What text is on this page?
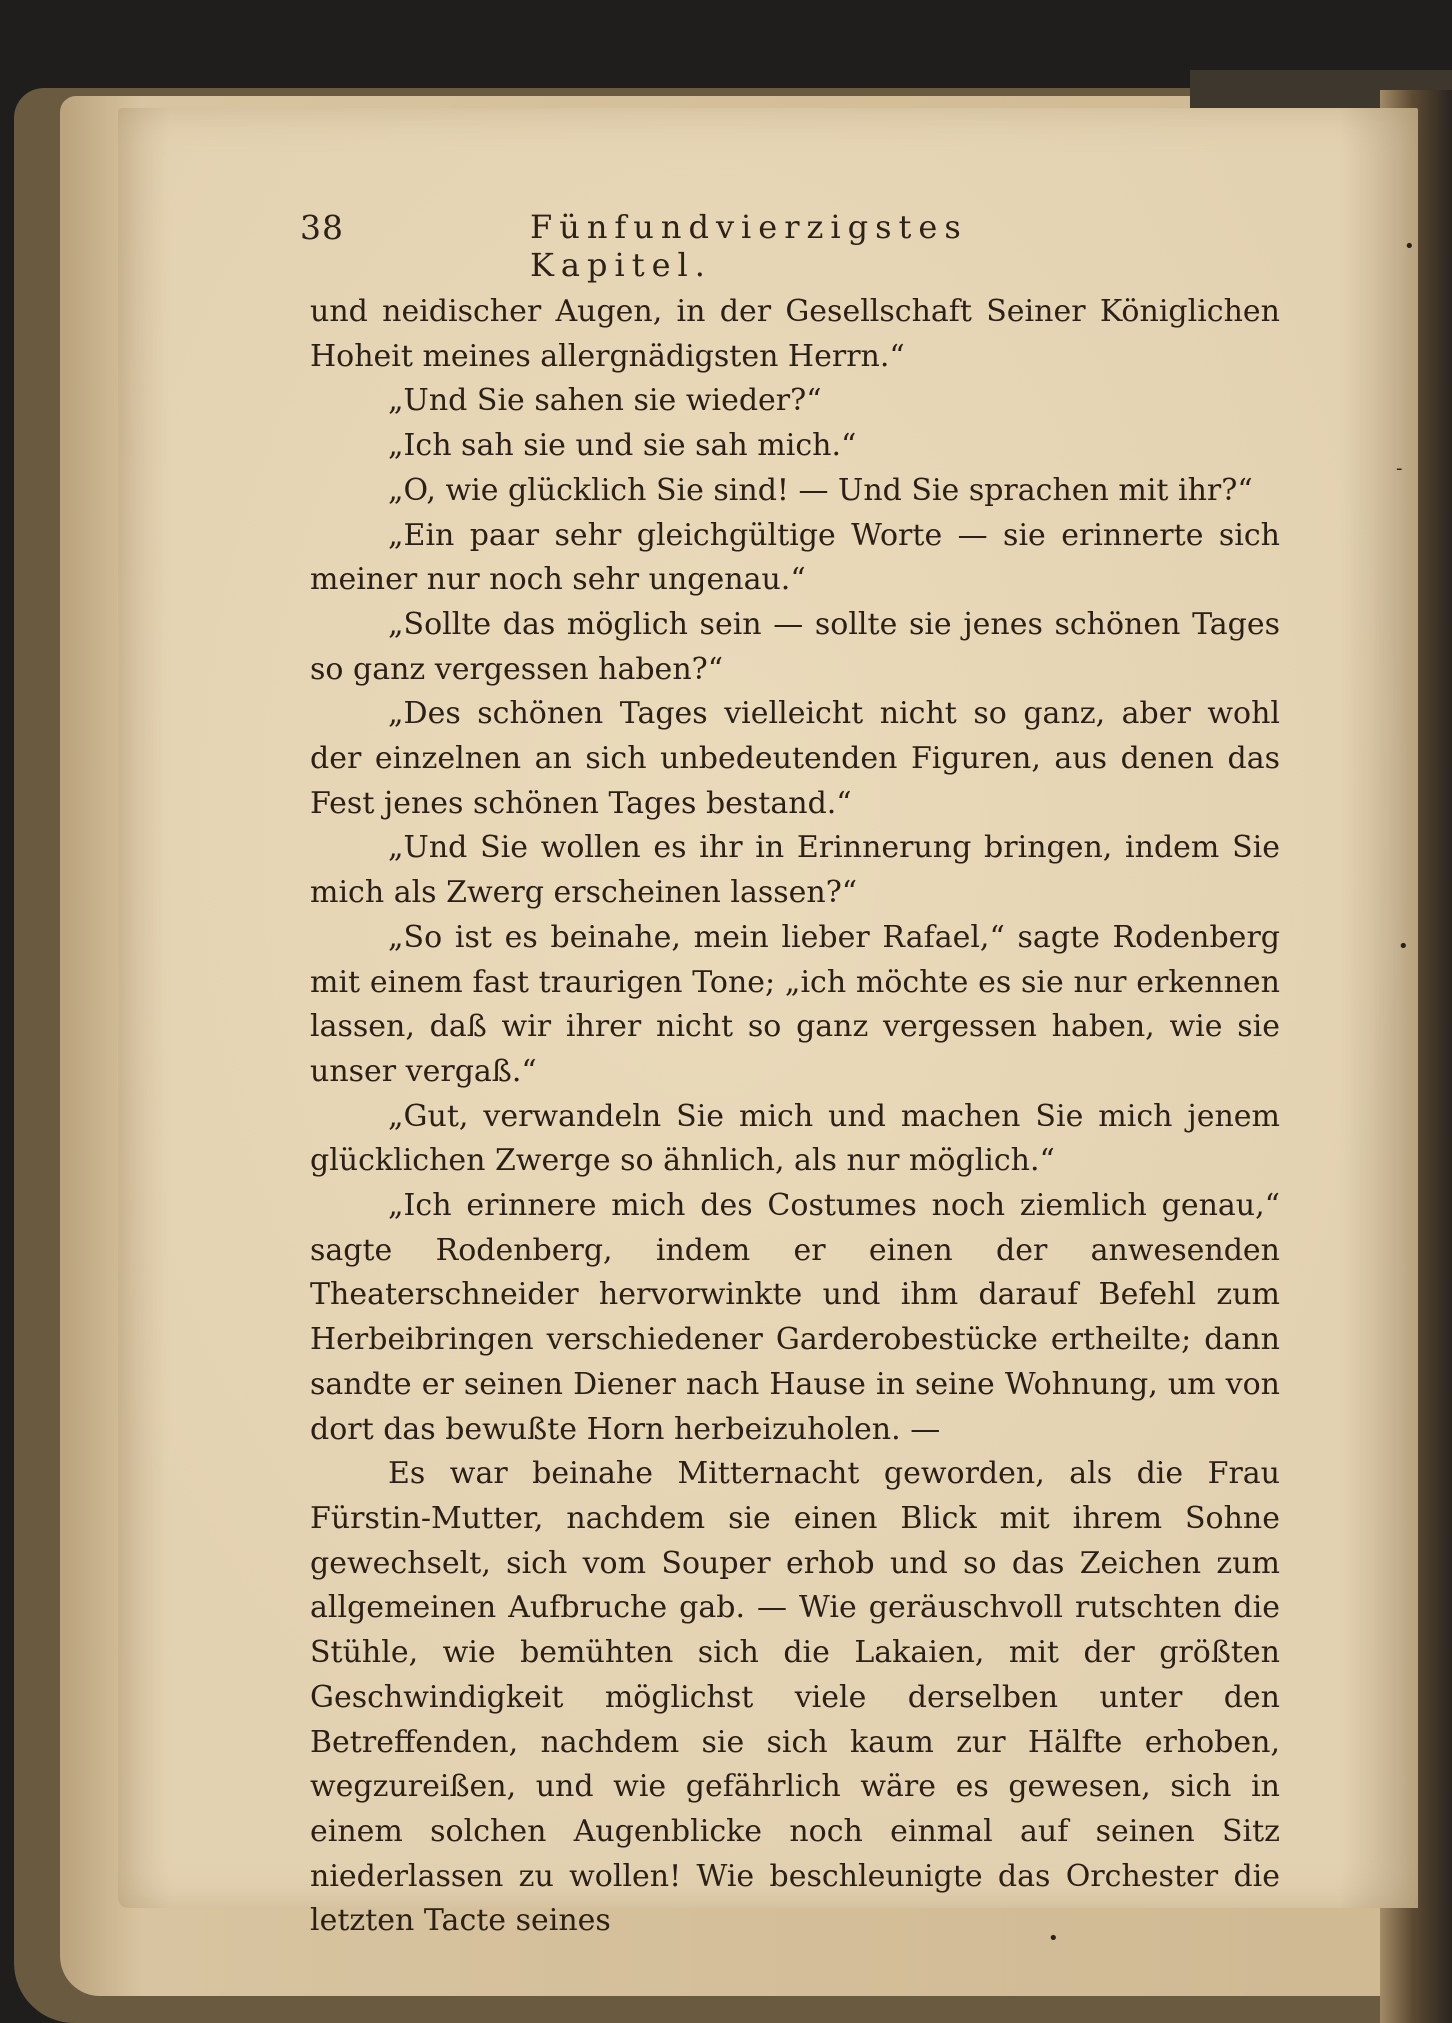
38	Fünfundvierzigstes Kapitel.

und neidischer Augen, in der Gesellschaft Seiner Königlichen Hoheit meines allergnädigsten Herrn.“

„Und Sie sahen sie wieder?“

„Ich sah sie und sie sah mich.“

„O, wie glücklich Sie sind! — Und Sie sprachen mit ihr?“

„Ein paar sehr gleichgültige Worte — sie erinnerte sich meiner nur noch sehr ungenau.“

„Sollte das möglich sein — sollte sie jenes schönen Tages so ganz vergessen haben?“

„Des schönen Tages vielleicht nicht so ganz, aber wohl der einzelnen an sich unbedeutenden Figuren, aus denen das Fest jenes schönen Tages bestand.“

„Und Sie wollen es ihr in Erinnerung bringen, indem Sie mich als Zwerg erscheinen lassen?“

„So ist es beinahe, mein lieber Rafael,“ sagte Rodenberg mit einem fast traurigen Tone; „ich möchte es sie nur erkennen lassen, daß wir ihrer nicht so ganz vergessen haben, wie sie unser vergaß.“

„Gut, verwandeln Sie mich und machen Sie mich jenem glücklichen Zwerge so ähnlich, als nur möglich.“

„Ich erinnere mich des Costumes noch ziemlich genau,“ sagte Rodenberg, indem er einen der anwesenden Theaterschneider hervorwinkte und ihm darauf Befehl zum Herbeibringen verschiedener Garderobestücke ertheilte; dann sandte er seinen Diener nach Hause in seine Wohnung, um von dort das bewußte Horn herbeizuholen. —

Es war beinahe Mitternacht geworden, als die Frau Fürstin-Mutter, nachdem sie einen Blick mit ihrem Sohne gewechselt, sich vom Souper erhob und so das Zeichen zum allgemeinen Aufbruche gab. — Wie geräuschvoll rutschten die Stühle, wie bemühten sich die Lakaien, mit der größten Geschwindigkeit möglichst viele derselben unter den Betreffenden, nachdem sie sich kaum zur Hälfte erhoben, wegzureißen, und wie gefährlich wäre es gewesen, sich in einem solchen Augenblicke noch einmal auf seinen Sitz niederlassen zu wollen! Wie beschleunigte das Orchester die letzten Tacte seines

•
-
•
•
